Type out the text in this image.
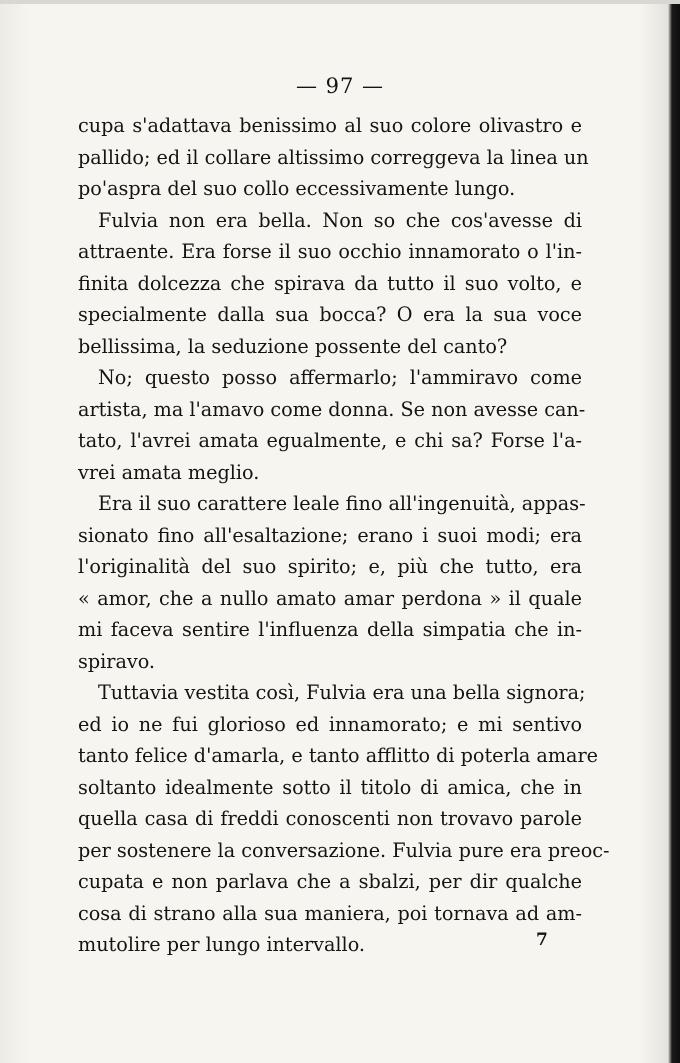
— 97 —
cupa s'adattava benissimo al suo colore olivastro e
pallido; ed il collare altissimo correggeva la linea un
po'aspra del suo collo eccessivamente lungo.
Fulvia non era bella. Non so che cos'avesse di
attraente. Era forse il suo occhio innamorato o l'in-
finita dolcezza che spirava da tutto il suo volto, e
specialmente dalla sua bocca? O era la sua voce
bellissima, la seduzione possente del canto?
No; questo posso affermarlo; l'ammiravo come
artista, ma l'amavo come donna. Se non avesse can-
tato, l'avrei amata egualmente, e chi sa? Forse l'a-
vrei amata meglio.
Era il suo carattere leale fino all'ingenuità, appas-
sionato fino all'esaltazione; erano i suoi modi; era
l'originalità del suo spirito; e, più che tutto, era
« amor, che a nullo amato amar perdona » il quale
mi faceva sentire l'influenza della simpatia che in-
spiravo.
Tuttavia vestita così, Fulvia era una bella signora;
ed io ne fui glorioso ed innamorato; e mi sentivo
tanto felice d'amarla, e tanto afflitto di poterla amare
soltanto idealmente sotto il titolo di amica, che in
quella casa di freddi conoscenti non trovavo parole
per sostenere la conversazione. Fulvia pure era preoc-
cupata e non parlava che a sbalzi, per dir qualche
cosa di strano alla sua maniera, poi tornava ad am-
mutolire per lungo intervallo.	7
